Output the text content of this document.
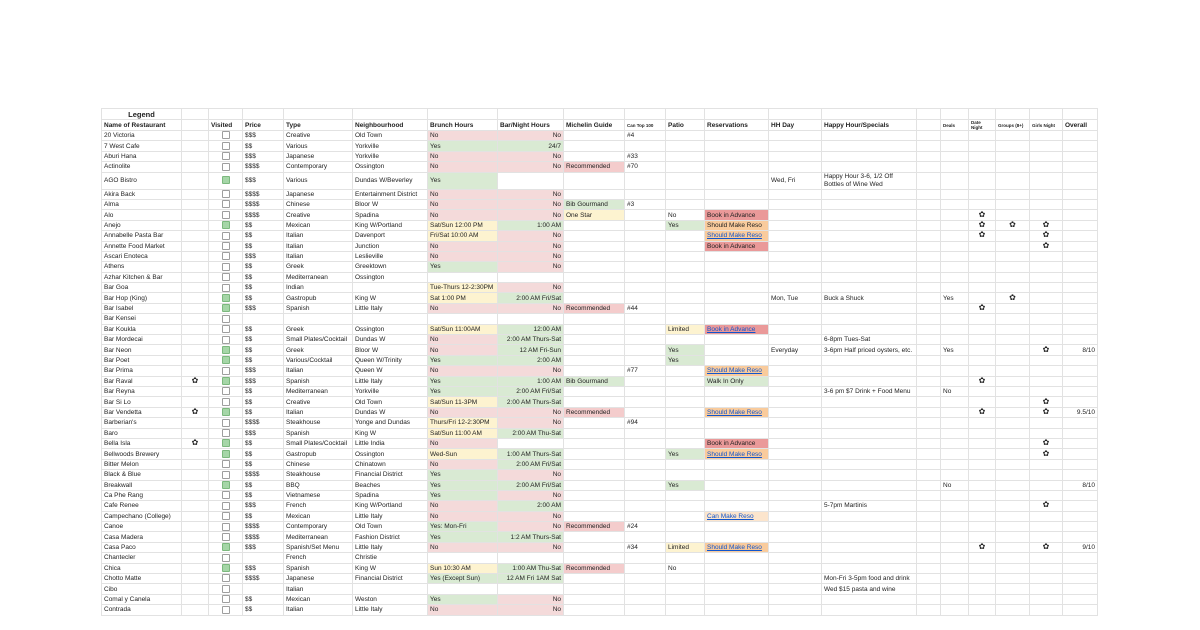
Legend																			
Name of Restaurant		Visited	Price	Type	Neighbourhood	Brunch Hours	Bar/Night Hours	Michelin Guide	Can Top 100	Patio	Reservations	HH Day	Happy Hour/Specials		Deals	Date Night	Groups (8+)	Girls Night	Overall
20 Victoria			$$$	Creative	Old Town	No	No		#4										
7 West Cafe			$$	Various	Yorkville	Yes	24/7												
Aburi Hana			$$$	Japanese	Yorkville	No	No		#33										
Actinolite			$$$$	Contemporary	Ossington	No	No	Recommended	#70										
AGO Bistro			$$$	Various	Dundas W/Beverley	Yes						Wed, Fri	Happy Hour 3-6, 1/2 Off Bottles of Wine Wed						
Akira Back			$$$$	Japanese	Entertainment District	No	No												
Alma			$$$$	Chinese	Bloor W	No	No	Bib Gourmand	#3										
Alo			$$$$	Creative	Spadina	No	No	One Star		No	Book in Advance					✿			
Anejo			$$	Mexican	King W/Portland	Sat/Sun 12:00 PM	1:00 AM			Yes	Should Make Reso					✿	✿	✿	
Annabelle Pasta Bar			$$	Italian	Davenport	Fri/Sat 10:00 AM	No				Should Make Reso					✿		✿	
Annette Food Market			$$	Italian	Junction	No	No				Book in Advance							✿	
Ascari Enoteca			$$$	Italian	Leslieville	No	No												
Athens			$$	Greek	Greektown	Yes	No												
Azhar Kitchen & Bar			$$	Mediterranean	Ossington														
Bar Goa			$$	Indian		Tue-Thurs 12-2:30PM	No												
Bar Hop (King)			$$	Gastropub	King W	Sat 1:00 PM	2:00 AM Fri/Sat					Mon, Tue	Buck a Shuck		Yes		✿		
Bar Isabel			$$$	Spanish	Little Italy	No	No	Recommended	#44							✿			
Bar Kensei																			
Bar Koukla			$$	Greek	Ossington	Sat/Sun 11:00AM	12:00 AM			Limited	Book in Advance								
Bar Mordecai			$$	Small Plates/Cocktail	Dundas W	No	2:00 AM Thurs-Sat						6-8pm Tues-Sat						
Bar Neon			$$	Greek	Bloor W	No	12 AM Fri-Sun			Yes		Everyday	3-6pm Half priced oysters, etc.		Yes			✿	8/10
Bar Poet			$$	Various/Cocktail	Queen W/Trinity	Yes	2:00 AM			Yes									
Bar Prima			$$$	Italian	Queen W	No	No		#77		Should Make Reso								
Bar Raval	✿		$$$	Spanish	Little Italy	Yes	1:00 AM	Bib Gourmand			Walk In Only					✿			
Bar Reyna			$$	Mediterranean	Yorkville	Yes	2:00 AM Fri/Sat						3-6 pm $7 Drink + Food Menu		No				
Bar Si Lo			$$	Creative	Old Town	Sat/Sun 11-3PM	2:00 AM Thurs-Sat											✿	
Bar Vendetta	✿		$$	Italian	Dundas W	No	No	Recommended			Should Make Reso					✿		✿	9.5/10
Barberian's			$$$$	Steakhouse	Yonge and Dundas	Thurs/Fri 12-2:30PM	No		#94										
Baro			$$$	Spanish	King W	Sat/Sun 11:00 AM	2:00 AM Thu-Sat												
Bella Isla	✿		$$	Small Plates/Cocktail	Little India	No					Book in Advance							✿	
Bellwoods Brewery			$$	Gastropub	Ossington	Wed-Sun	1:00 AM Thurs-Sat			Yes	Should Make Reso							✿	
Bitter Melon			$$	Chinese	Chinatown	No	2:00 AM Fri/Sat												
Black & Blue			$$$$	Steakhouse	Financial District	Yes	No												
Breakwall			$$	BBQ	Beaches	Yes	2:00 AM Fri/Sat			Yes					No				8/10
Ca Phe Rang			$$	Vietnamese	Spadina	Yes	No												
Cafe Renee			$$$	French	King W/Portland	No	2:00 AM						5-7pm Martinis					✿	
Campechano (College)			$$	Mexican	Little Italy	No	No				Can Make Reso								
Canoe			$$$$	Contemporary	Old Town	Yes: Mon-Fri	No	Recommended	#24										
Casa Madera			$$$$	Mediterranean	Fashion District	Yes	1:2 AM Thurs-Sat												
Casa Paco			$$$	Spanish/Set Menu	Little Italy	No	No		#34	Limited	Should Make Reso					✿		✿	9/10
Chantecler				French	Christie														
Chica			$$$	Spanish	King W	Sun 10:30 AM	1:00 AM Thu-Sat	Recommended		No									
Chotto Matte			$$$$	Japanese	Financial District	Yes (Except Sun)	12 AM Fri 1AM Sat						Mon-Fri 3-5pm food and drink						
Cibo				Italian									Wed $15 pasta and wine						
Comal y Canela			$$	Mexican	Weston	Yes	No												
Contrada			$$	Italian	Little Italy	No	No												
